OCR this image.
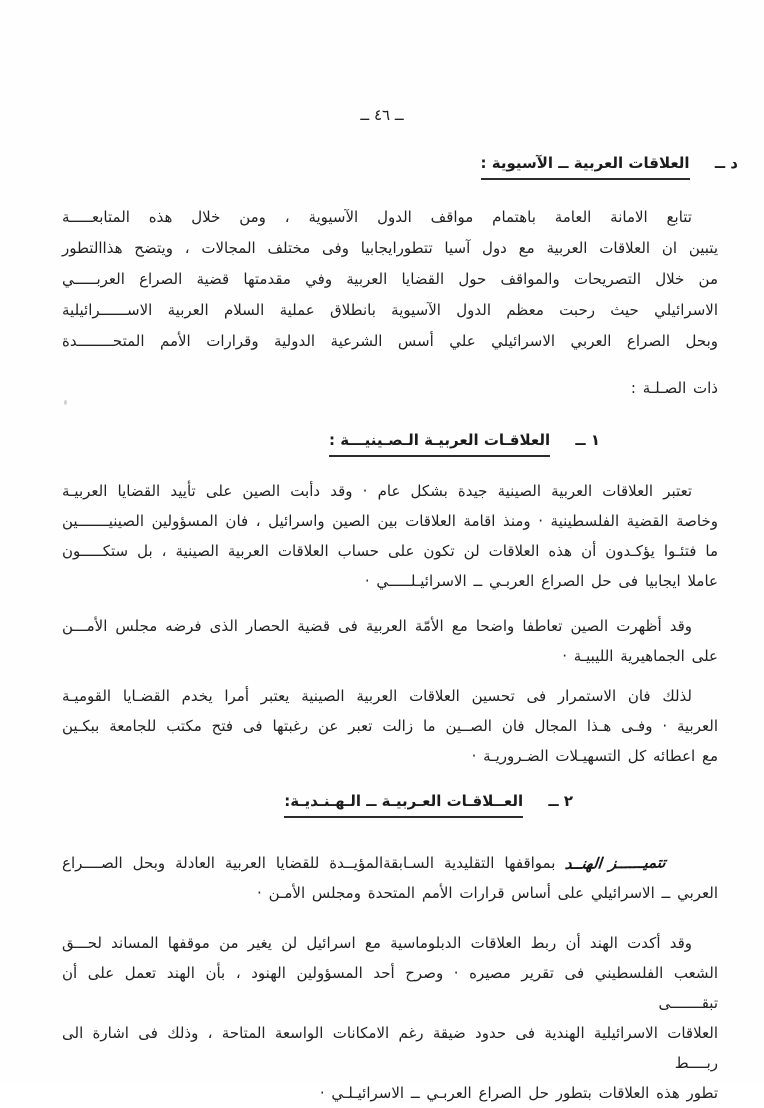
ــ ٤٦ ــ
د ــ العلاقات العربية ــ الآسيوية :
تتابع الامانة العامة باهتمام مواقف الدول الآسيوية ، ومن خلال هذه المتابعـــــة
يتبين ان العلاقات العربية مع دول آسيا تتطورايجابيا وفى مختلف المجالات ، ويتضح هذاالتطور
من خلال التصريحات والمواقف حول القضايا العربية وفي مقدمتها قضية الصراع العربـــــي
الاسرائيلي حيث رحبت معظم الدول الآسيوية بانطلاق عملية السلام العربية الاســــــرائيلية
وبحل الصراع العربي الاسرائيلي علي أسس الشرعية الدولية وقرارات الأمم المتحــــــــدة
ذات الصـلـة :
١ ــ العلاقـات العربيـة الـصـينيـــة :
تعتبر العلاقات العربية الصينية جيدة بشكل عام · وقد دأبت الصين على تأييد القضايا العربيـة
وخاصة القضية الفلسطينية · ومنذ اقامة العلاقات بين الصين واسرائيل ، فان المسؤولين الصينيـــــــين
ما فتئـوا يؤكـدون أن هذه العلاقات لن تكون على حساب العلاقات العربية الصينية ، بل ستكـــــون
عاملا ايجابيا فى حل الصراع العربـي ــ الاسرائيـلـــــي ·
وقد أظهرت الصين تعاطفا واضحا مع الأمّة العربية فى قضية الحصار الذى فرضه مجلس الأمـــن
على الجماهيرية الليبيـة ·
لذلك فان الاستمرار فى تحسين العلاقات العربية الصينية يعتبر أمرا يخدم القضـايا القوميـة
العربية · وفـى هـذا المجال فان الصــين ما زالت تعبر عن رغبتها فى فتح مكتب للجامعة ببكـين
مع اعطائه كل التسهيـلات الضـروريـة ·
٢ ــ العــلاقـات العـربيـة ــ الـهـنـديـة:
تتميــــــز الهنــد بمواقفها التقليدية السـابقةالمؤيــدة للقضايا العربية العادلة وبحل الصــــراع
العربي ــ الاسرائيلي على أساس قرارات الأمم المتحدة ومجلس الأمـن ·
وقد أكدت الهند أن ربط العلاقات الدبلوماسية مع اسرائيل لن يغير من موقفها المساند لحـــق
الشعب الفلسطيني فى تقرير مصيره · وصرح أحد المسؤولين الهنود ، بأن الهند تعمل على أن تبقـــــــى
العلاقات الاسرائيلية الهندية فى حدود ضيقة رغم الامكانات الواسعة المتاحة ، وذلك فى اشارة الى ربــــط
تطور هذه العلاقات بتطور حل الصراع العربـي ــ الاسرائيـلـي ·
